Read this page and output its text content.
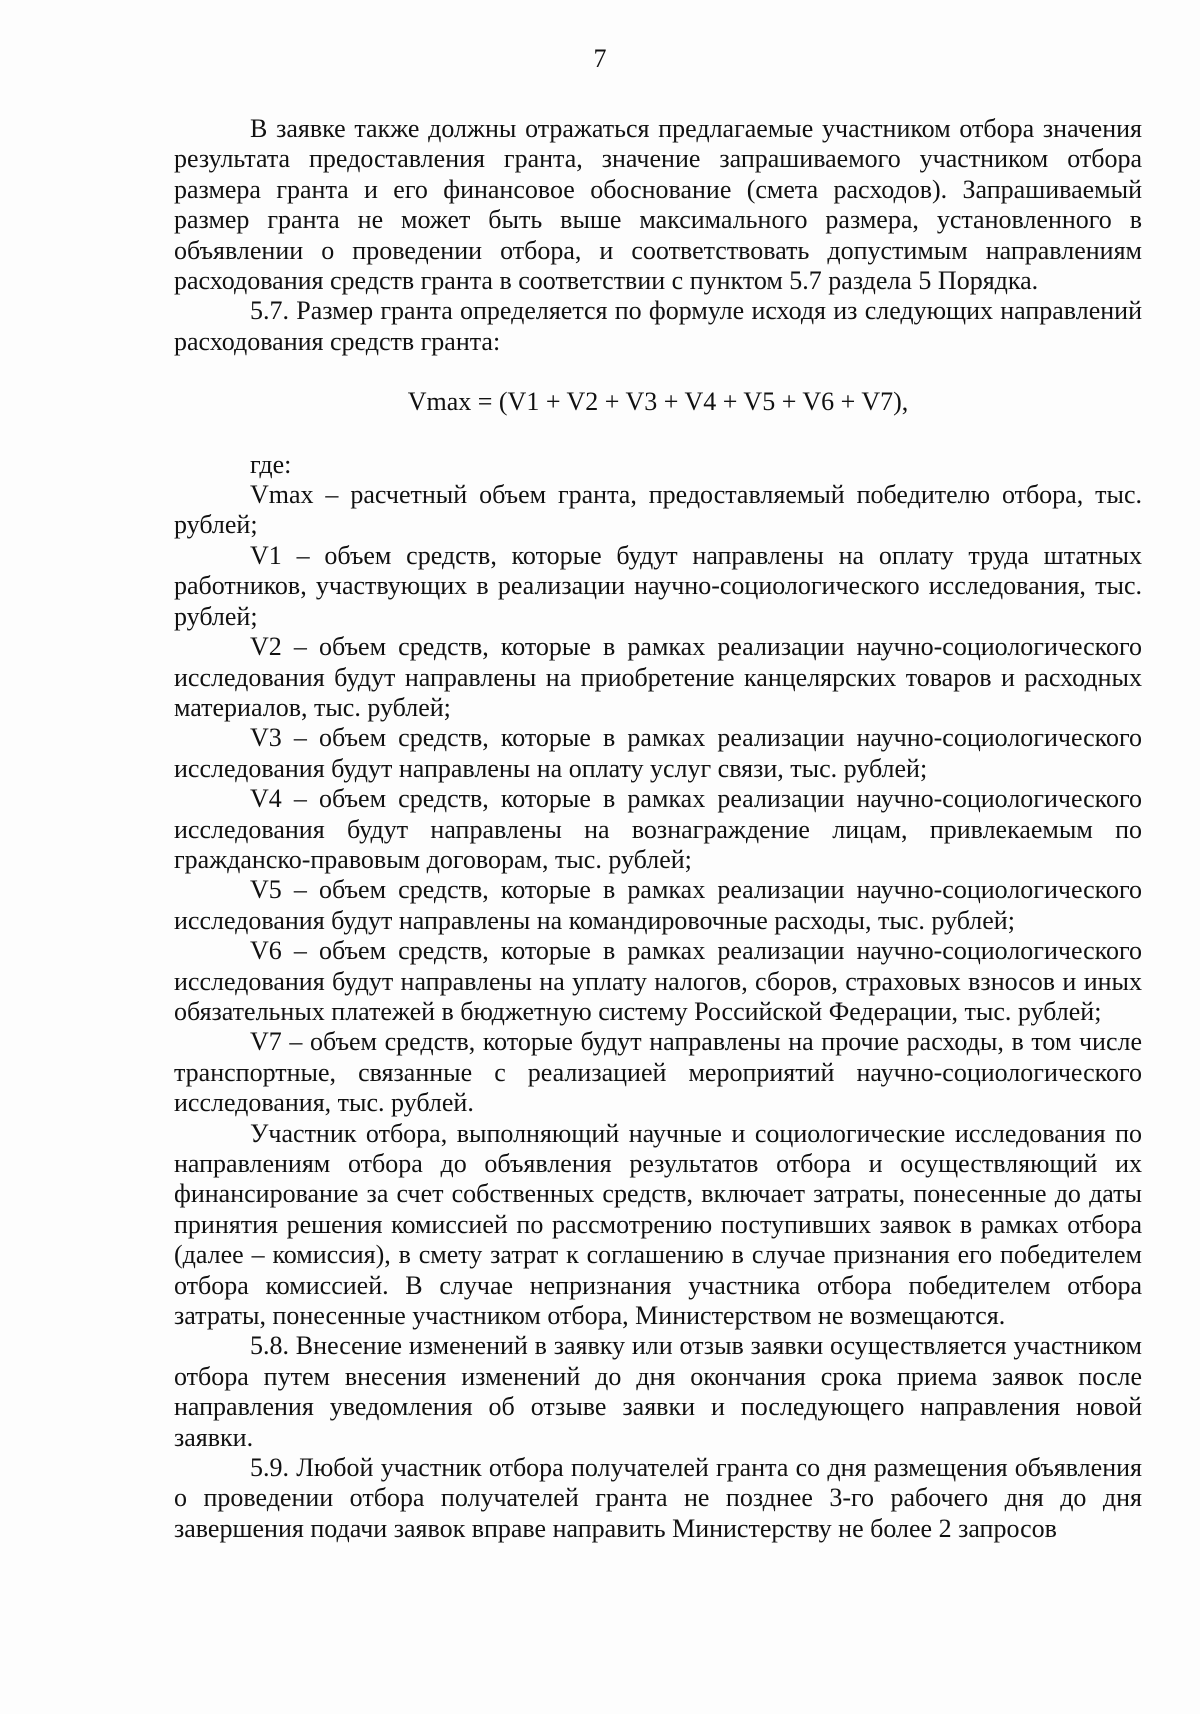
7

В заявке также должны отражаться предлагаемые участником отбора значения результата предоставления гранта, значение запрашиваемого участником отбора размера гранта и его финансовое обоснование (смета расходов). Запрашиваемый размер гранта не может быть выше максимального размера, установленного в объявлении о проведении отбора, и соответствовать допустимым направлениям расходования средств гранта в соответствии с пунктом 5.7 раздела 5 Порядка.

5.7. Размер гранта определяется по формуле исходя из следующих направлений расходования средств гранта:

Vmax = (V1 + V2 + V3 + V4 + V5 + V6 + V7),

где:

Vmax – расчетный объем гранта, предоставляемый победителю отбора, тыс. рублей;

V1 – объем средств, которые будут направлены на оплату труда штатных работников, участвующих в реализации научно-социологического исследования, тыс. рублей;

V2 – объем средств, которые в рамках реализации научно-социологического исследования будут направлены на приобретение канцелярских товаров и расходных материалов, тыс. рублей;

V3 – объем средств, которые в рамках реализации научно-социологического исследования будут направлены на оплату услуг связи, тыс. рублей;

V4 – объем средств, которые в рамках реализации научно-социологического исследования будут направлены на вознаграждение лицам, привлекаемым по гражданско-правовым договорам, тыс. рублей;

V5 – объем средств, которые в рамках реализации научно-социологического исследования будут направлены на командировочные расходы, тыс. рублей;

V6 – объем средств, которые в рамках реализации научно-социологического исследования будут направлены на уплату налогов, сборов, страховых взносов и иных обязательных платежей в бюджетную систему Российской Федерации, тыс. рублей;

V7 – объем средств, которые будут направлены на прочие расходы, в том числе транспортные, связанные с реализацией мероприятий научно-социологического исследования, тыс. рублей.

Участник отбора, выполняющий научные и социологические исследования по направлениям отбора до объявления результатов отбора и осуществляющий их финансирование за счет собственных средств, включает затраты, понесенные до даты принятия решения комиссией по рассмотрению поступивших заявок в рамках отбора (далее – комиссия), в смету затрат к соглашению в случае признания его победителем отбора комиссией. В случае непризнания участника отбора победителем отбора затраты, понесенные участником отбора, Министерством не возмещаются.

5.8. Внесение изменений в заявку или отзыв заявки осуществляется участником отбора путем внесения изменений до дня окончания срока приема заявок после направления уведомления об отзыве заявки и последующего направления новой заявки.

5.9. Любой участник отбора получателей гранта со дня размещения объявления о проведении отбора получателей гранта не позднее 3-го рабочего дня до дня завершения подачи заявок вправе направить Министерству не более 2 запросов
